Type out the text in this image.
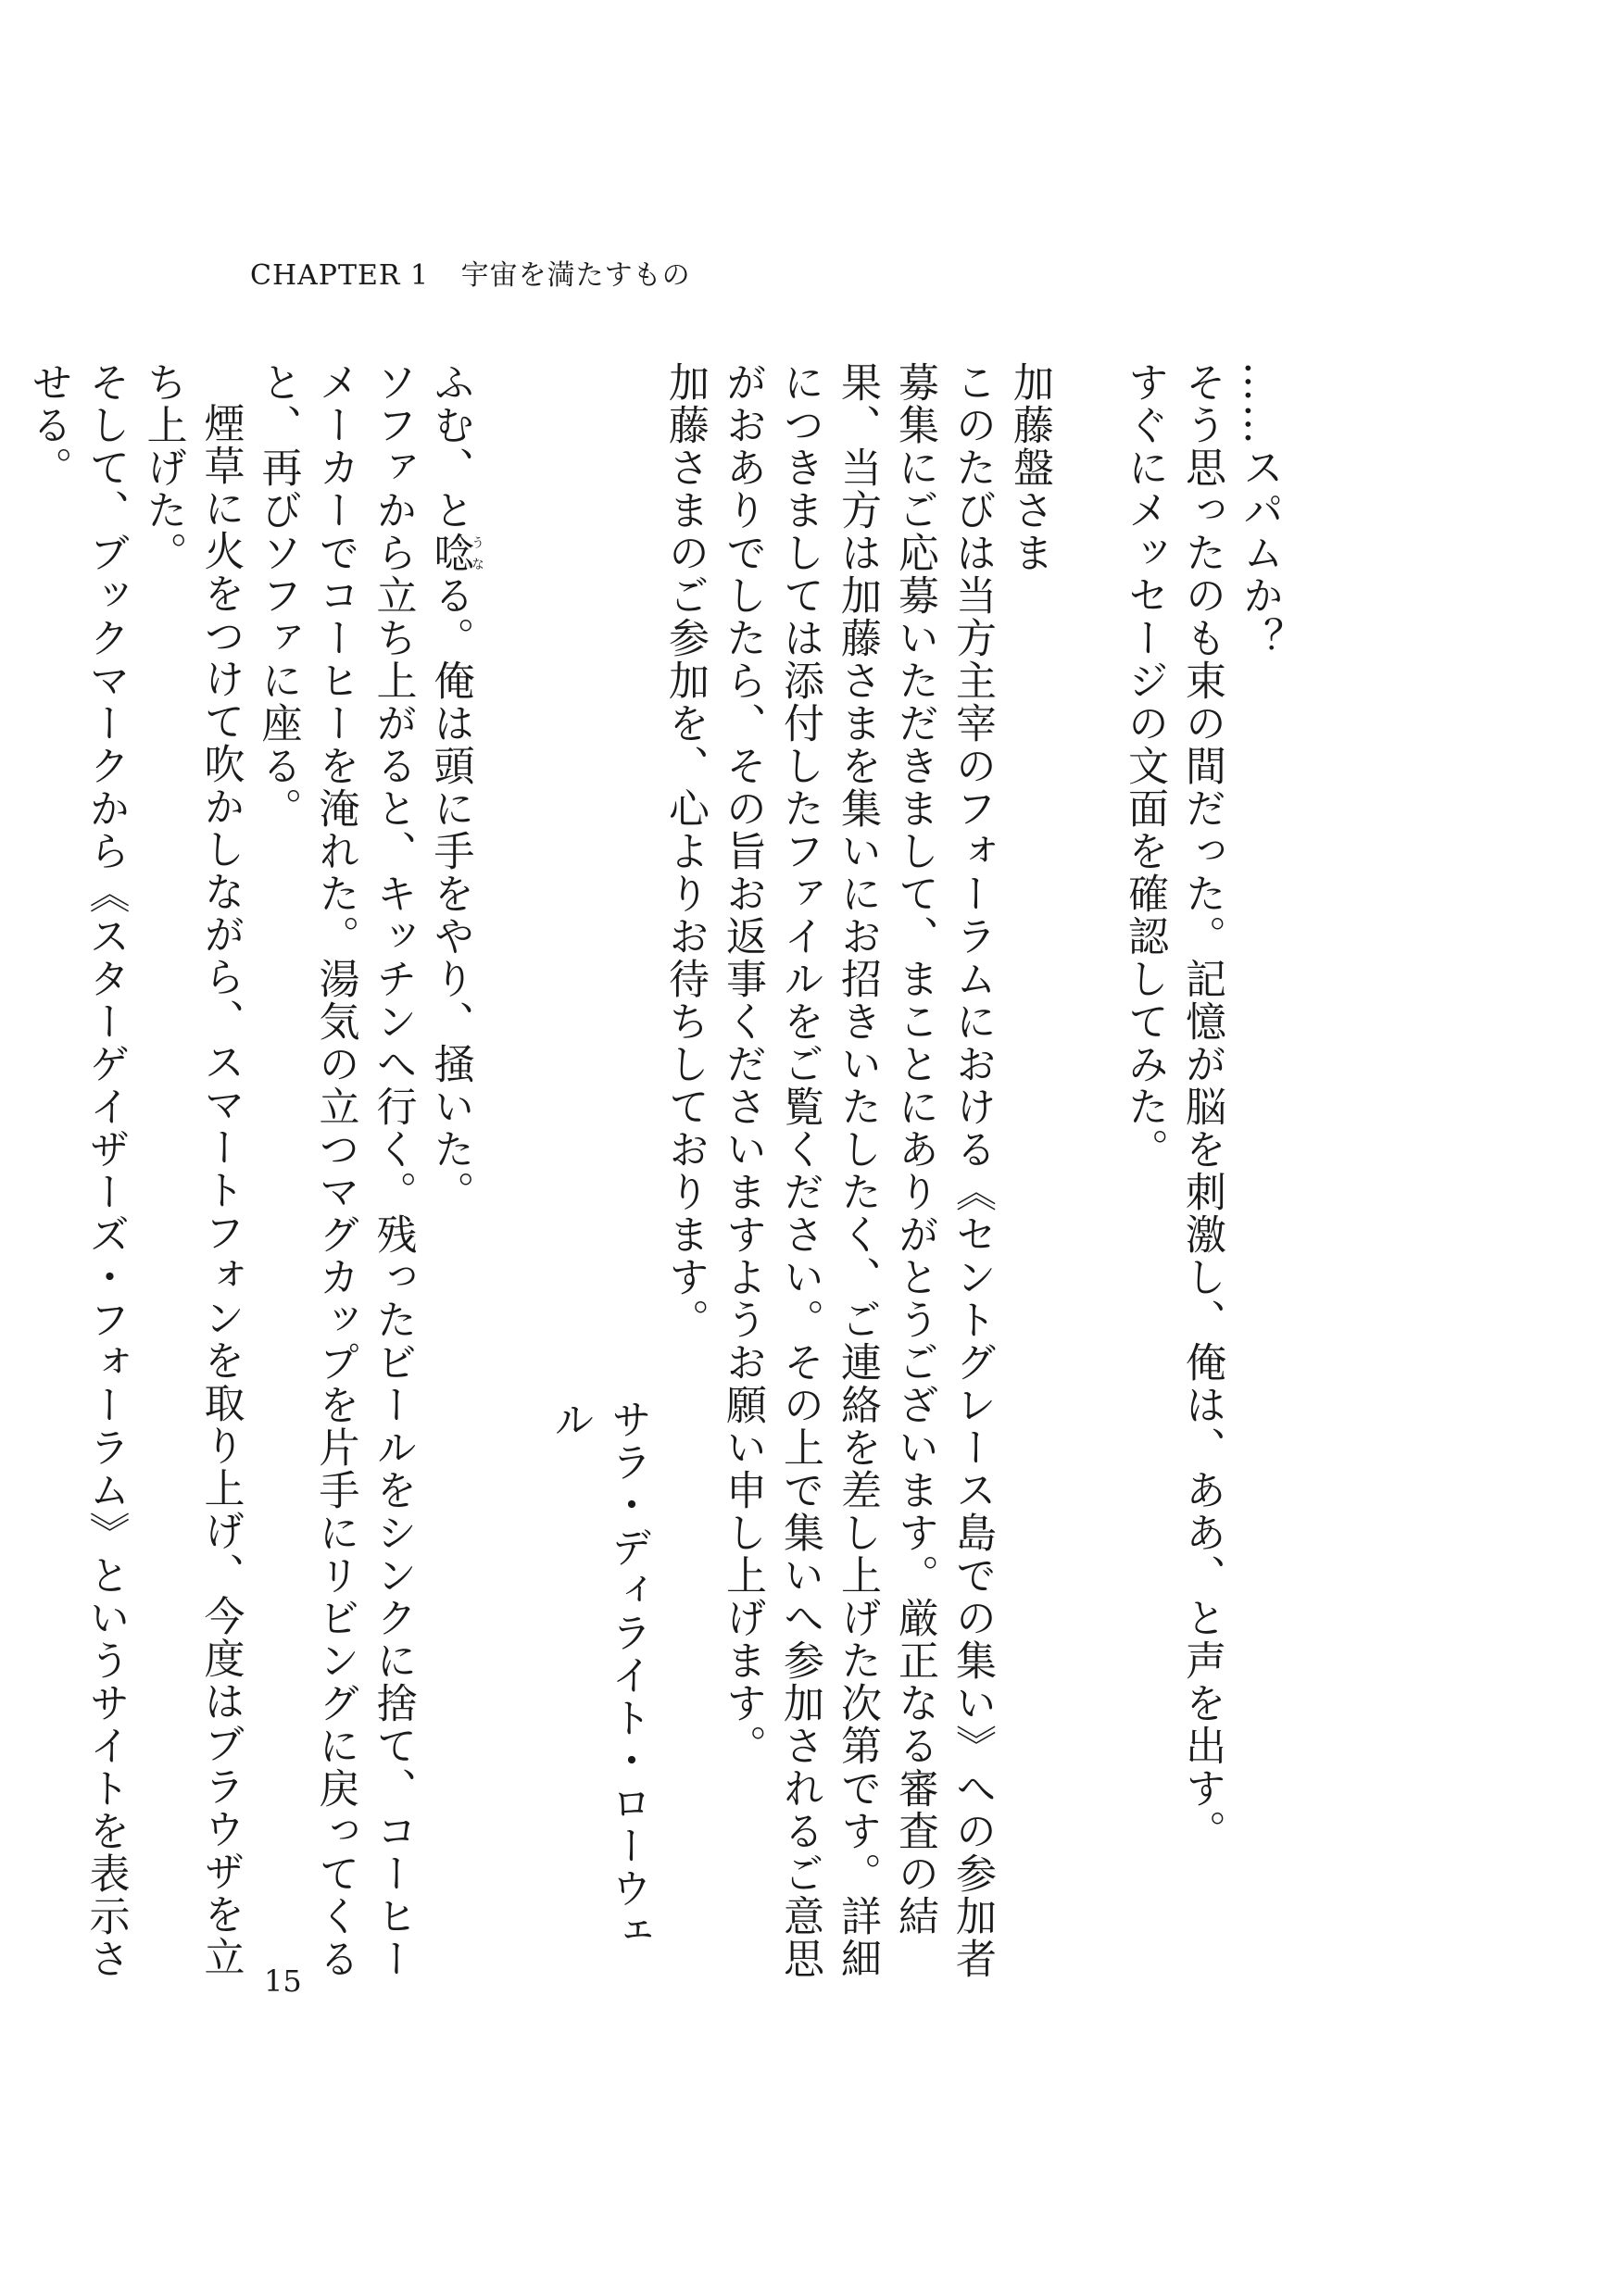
CHAPTER 1 宇宙を満たすもの

……スパムか？

そう思ったのも束の間だった。記憶が脳を刺激し、俺は、ああ、と声を出す。

すぐにメッセージの文面を確認してみた。

加藤盤さま

このたびは当方主宰のフォーラムにおける《セントグレース島での集い》への参加者募集にご応募いただきまして、まことにありがとうございます。厳正なる審査の結果、当方は加藤さまを集いにお招きいたしたく、ご連絡を差し上げた次第です。詳細につきましては添付したファイルをご覧ください。その上で集いへ参加されるご意思がおありでしたら、その旨お返事くださいますようお願い申し上げます。

加藤さまのご参加を、心よりお待ちしております。

サラ・ディライト・ローウェル

ふむ、と唸うなる。俺は頭に手をやり、掻いた。

ソファから立ち上がると、キッチンへ行く。残ったビールをシンクに捨て、コーヒーメーカーでコーヒーを淹れた。湯気の立つマグカップを片手にリビングに戻ってくると、再びソファに座る。

煙草に火をつけて吹かしながら、スマートフォンを取り上げ、今度はブラウザを立ち上げた。

そして、ブックマークから《スターゲイザーズ・フォーラム》というサイトを表示させる。

15
